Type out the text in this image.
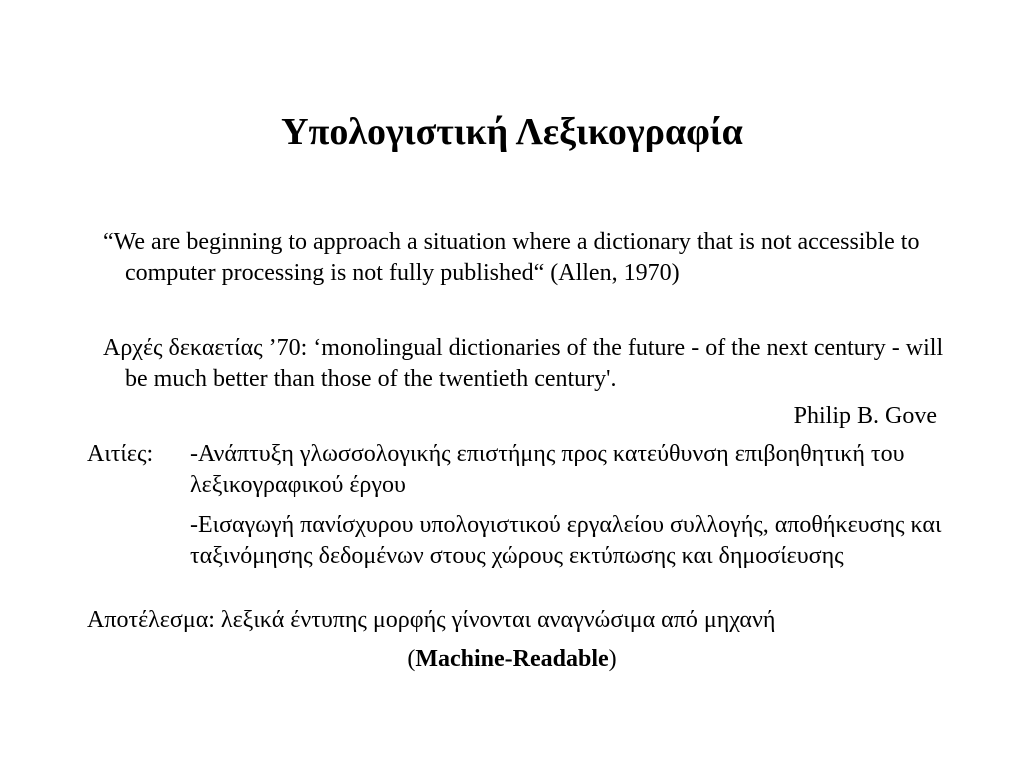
Υπολογιστική Λεξικογραφία

“We are beginning to approach a situation where a dictionary that is not accessible to computer processing is not fully published“ (Allen, 1970)

Αρχές δεκαετίας ’70: ‘monolingual dictionaries of the future - of the next century - will be much better than those of the twentieth century'.

Philip B. Gove

Αιτίες: -Ανάπτυξη γλωσσολογικής επιστήμης προς κατεύθυνση επιβοηθητική του λεξικογραφικού έργου

-Εισαγωγή πανίσχυρου υπολογιστικού εργαλείου συλλογής, αποθήκευσης και ταξινόμησης δεδομένων στους χώρους εκτύπωσης και δημοσίευσης

Αποτέλεσμα: λεξικά έντυπης μορφής γίνονται αναγνώσιμα από μηχανή

(Machine-Readable)
